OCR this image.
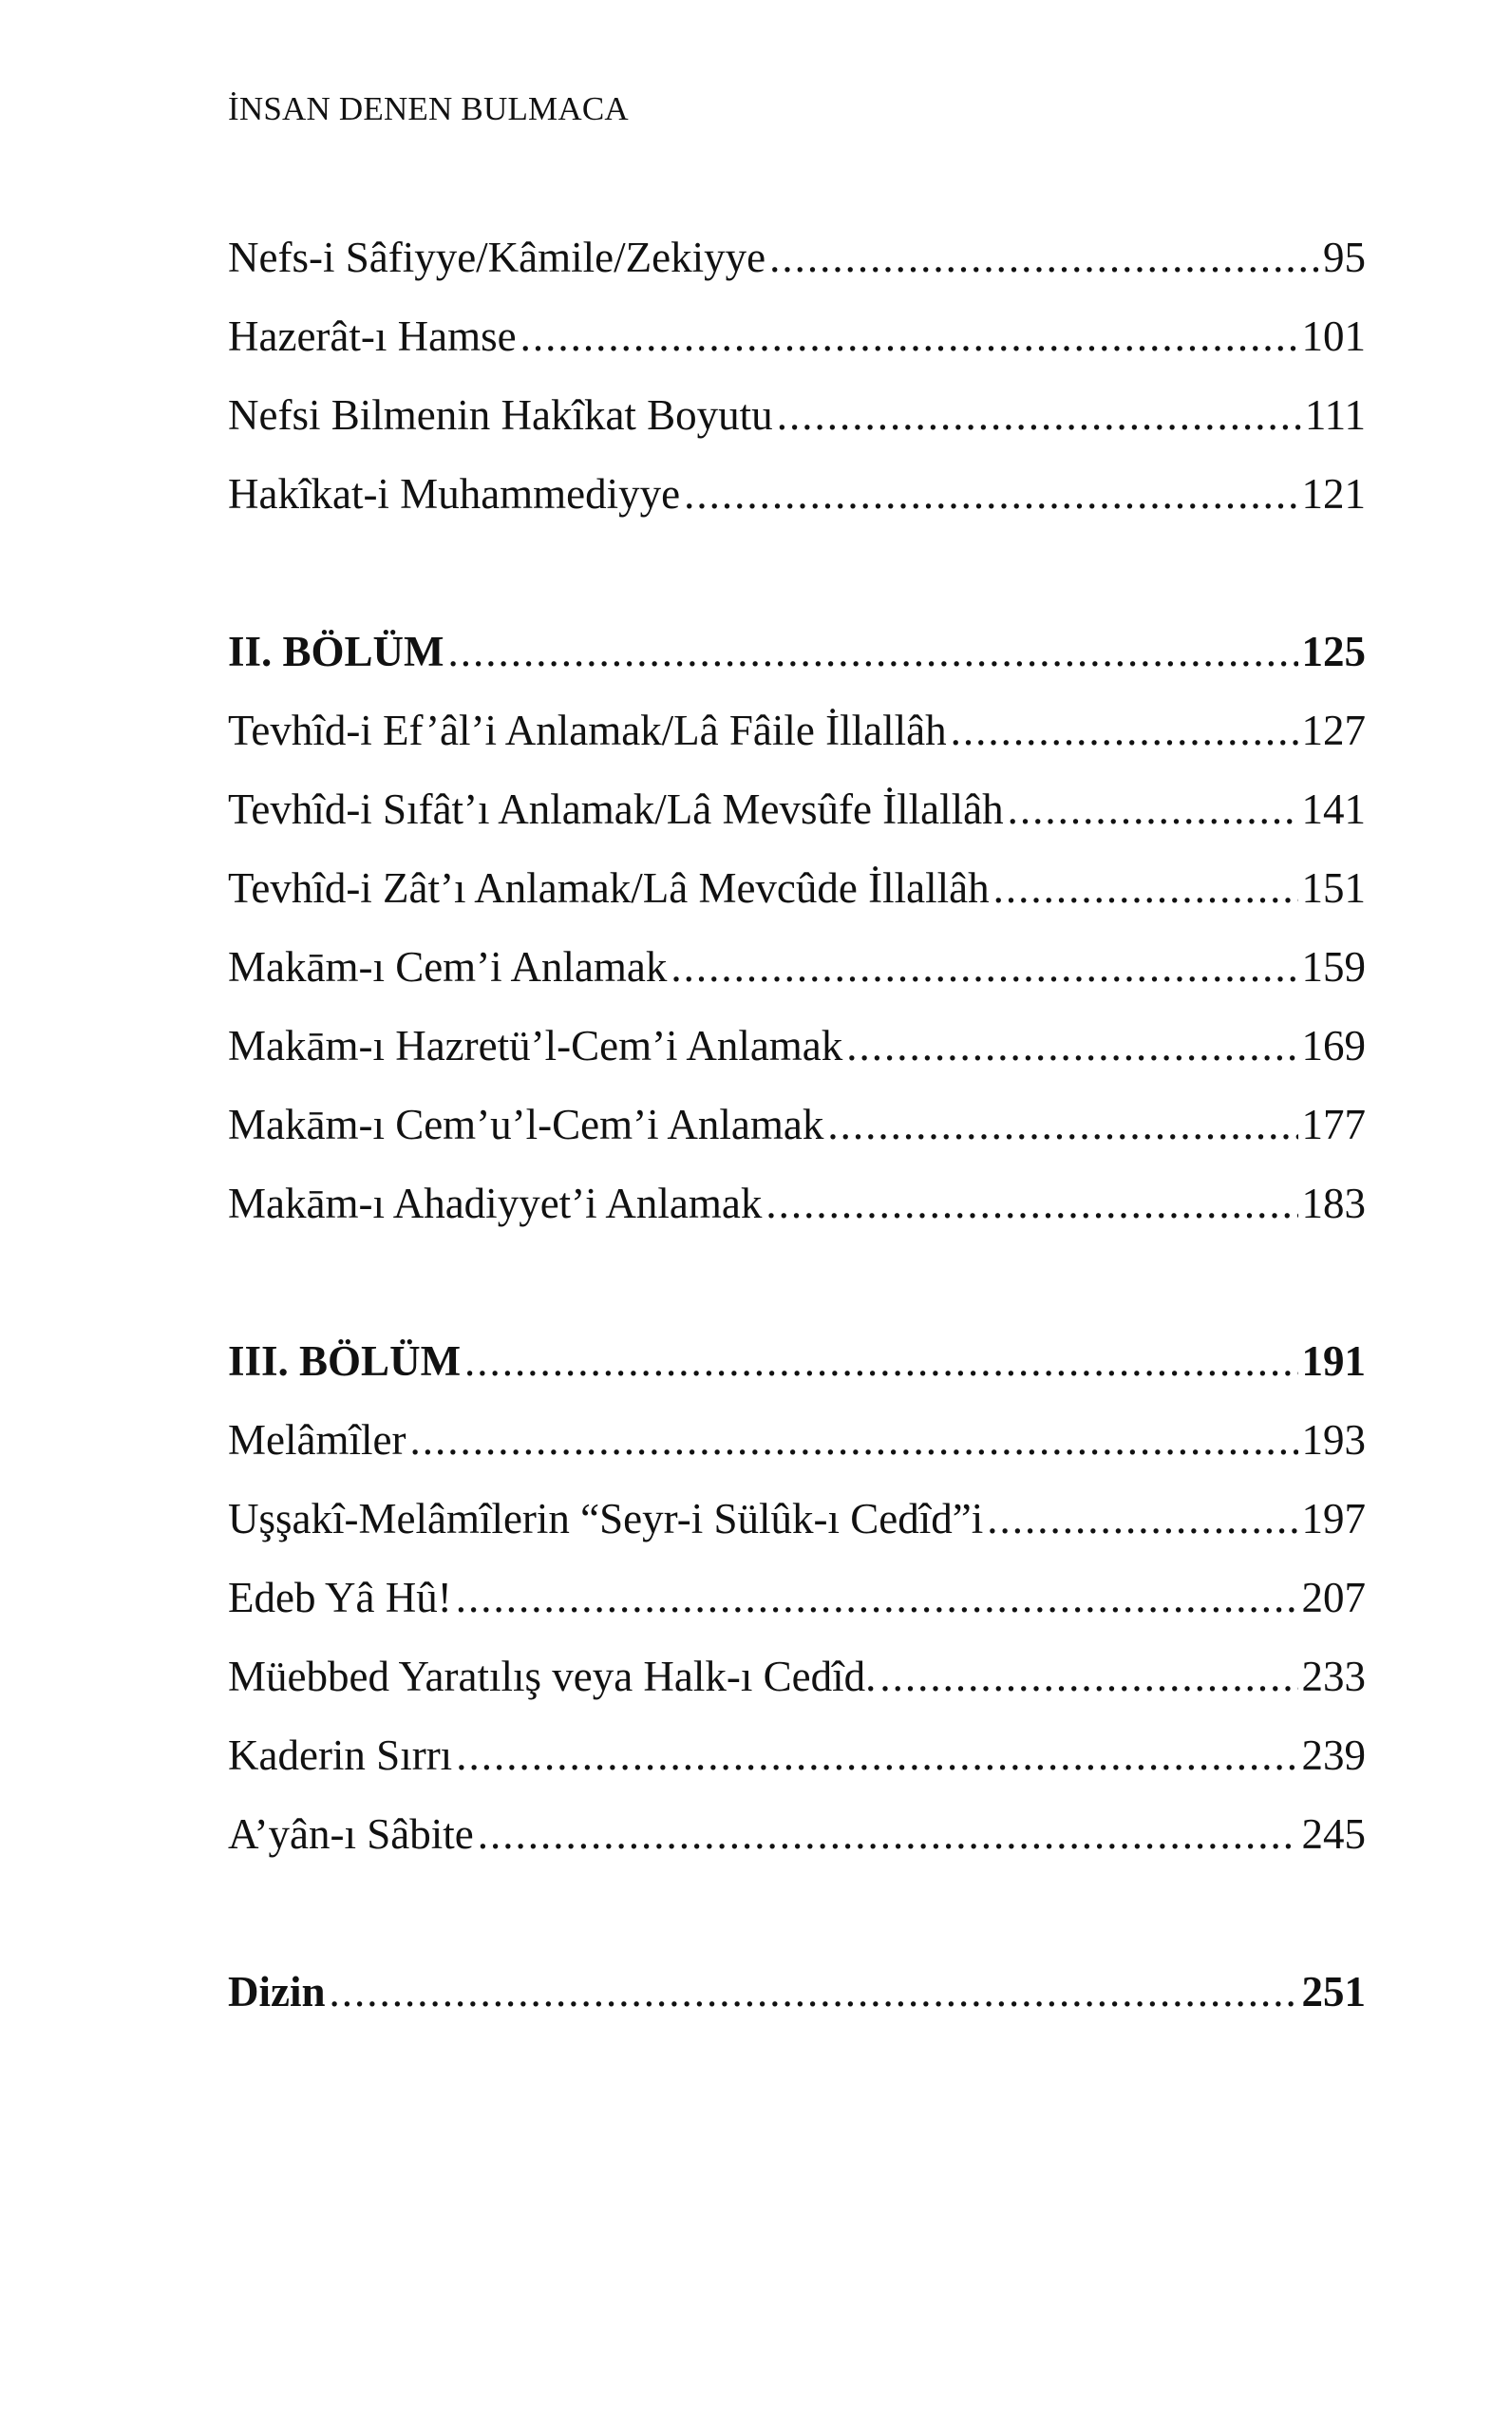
İNSAN DENEN BULMACA
Nefs-i Sâfiyye/Kâmile/Zekiyye .....	95
Hazerât-ı Hamse .....	101
Nefsi Bilmenin Hakîkat Boyutu .....	111
Hakîkat-i Muhammediyye .....	121
II. BÖLÜM .....	125
Tevhîd-i Ef’âl’i Anlamak/Lâ Fâile İllallâh .....	127
Tevhîd-i Sıfât’ı Anlamak/Lâ Mevsûfe İllallâh .....	141
Tevhîd-i Zât’ı Anlamak/Lâ Mevcûde İllallâh .....	151
Makām-ı Cem’i Anlamak .....	159
Makām-ı Hazretü’l-Cem’i Anlamak .....	169
Makām-ı Cem’u’l-Cem’i Anlamak .....	177
Makām-ı Ahadiyyet’i Anlamak .....	183
III. BÖLÜM .....	191
Melâmîler .....	193
Uşşakî-Melâmîlerin “Seyr-i Sülûk-ı Cedîd”i .....	197
Edeb Yâ Hû! .....	207
Müebbed Yaratılış veya Halk-ı Cedîd. .....	233
Kaderin Sırrı .....	239
A’yân-ı Sâbite .....	245
Dizin .....	251
